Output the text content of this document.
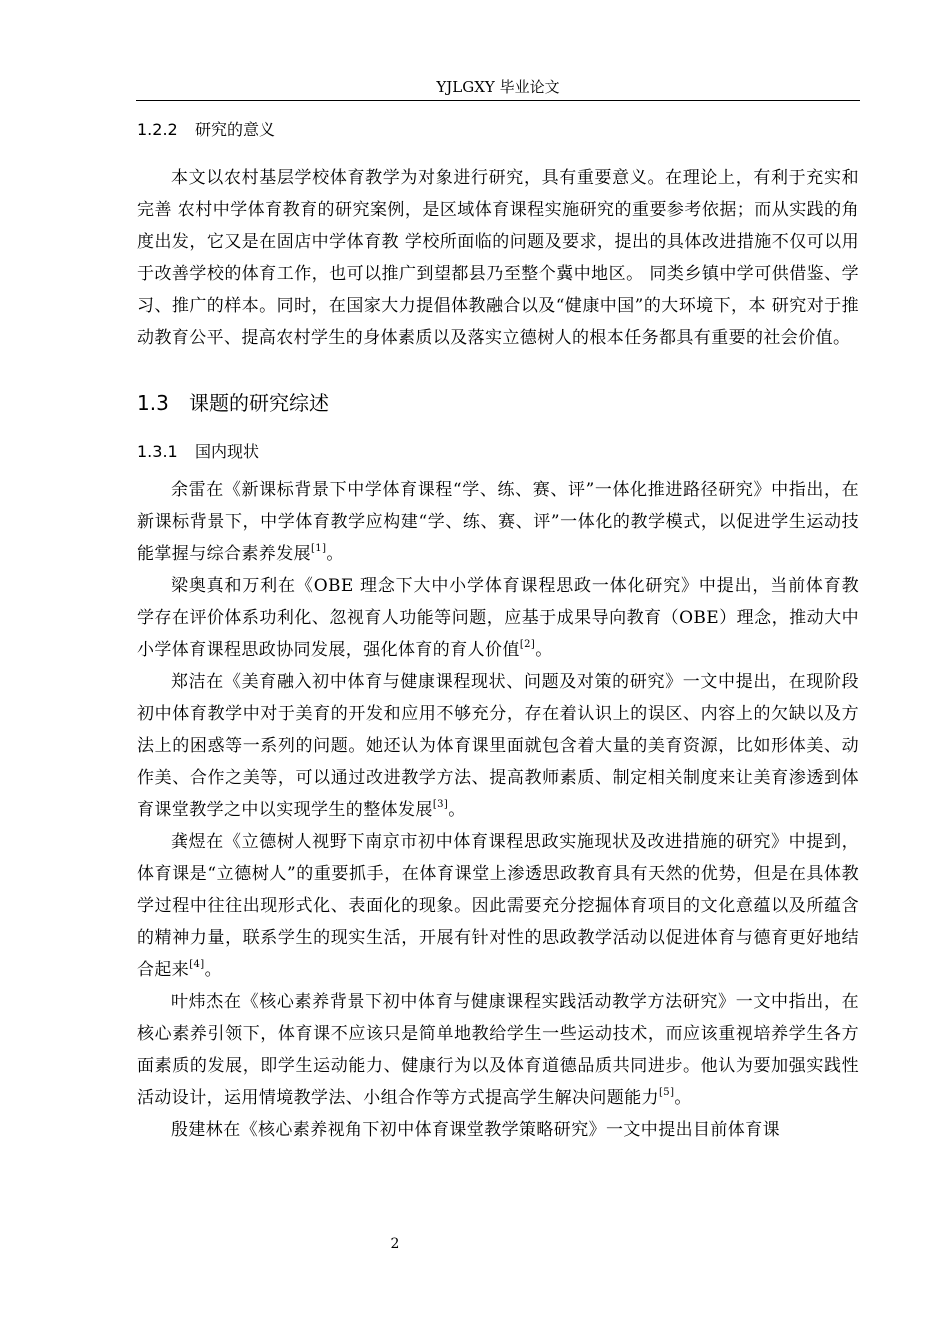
YJLGXY 毕业论文
1.2.2 研究的意义

本文以农村基层学校体育教学为对象进行研究，具有重要意义。在理论上，有利于充实和完善 农村中学体育教育的研究案例，是区域体育课程实施研究的重要参考依据；而从实践的角度出发，它又是在固店中学体育教 学校所面临的问题及要求，提出的具体改进措施不仅可以用于改善学校的体育工作，也可以推广到望都县乃至整个冀中地区。 同类乡镇中学可供借鉴、学习、推广的样本。同时，在国家大力提倡体教融合以及“健康中国”的大环境下，本 研究对于推动教育公平、提高农村学生的身体素质以及落实立德树人的根本任务都具有重要的社会价值。

1.3 课题的研究综述
1.3.1 国内现状

余雷在《新课标背景下中学体育课程“学、练、赛、评”一体化推进路径研究》中指出，在新课标背景下，中学体育教学应构建“学、练、赛、评”一体化的教学模式，以促进学生运动技能掌握与综合素养发展[1]。

梁奥真和万利在《OBE 理念下大中小学体育课程思政一体化研究》中提出，当前体育教学存在评价体系功利化、忽视育人功能等问题，应基于成果导向教育（OBE）理念，推动大中小学体育课程思政协同发展，强化体育的育人价值[2]。

郑洁在《美育融入初中体育与健康课程现状、问题及对策的研究》一文中提出，在现阶段初中体育教学中对于美育的开发和应用不够充分，存在着认识上的误区、内容上的欠缺以及方法上的困惑等一系列的问题。她还认为体育课里面就包含着大量的美育资源，比如形体美、动作美、合作之美等，可以通过改进教学方法、提高教师素质、制定相关制度来让美育渗透到体育课堂教学之中以实现学生的整体发展[3]。

龚煜在《立德树人视野下南京市初中体育课程思政实施现状及改进措施的研究》中提到，体育课是“立德树人”的重要抓手，在体育课堂上渗透思政教育具有天然的优势，但是在具体教学过程中往往出现形式化、表面化的现象。因此需要充分挖掘体育项目的文化意蕴以及所蕴含的精神力量，联系学生的现实生活，开展有针对性的思政教学活动以促进体育与德育更好地结合起来[4]。

叶炜杰在《核心素养背景下初中体育与健康课程实践活动教学方法研究》一文中指出，在核心素养引领下，体育课不应该只是简单地教给学生一些运动技术，而应该重视培养学生各方面素质的发展，即学生运动能力、健康行为以及体育道德品质共同进步。他认为要加强实践性活动设计，运用情境教学法、小组合作等方式提高学生解决问题能力[5]。

殷建林在《核心素养视角下初中体育课堂教学策略研究》一文中提出目前体育课

2
